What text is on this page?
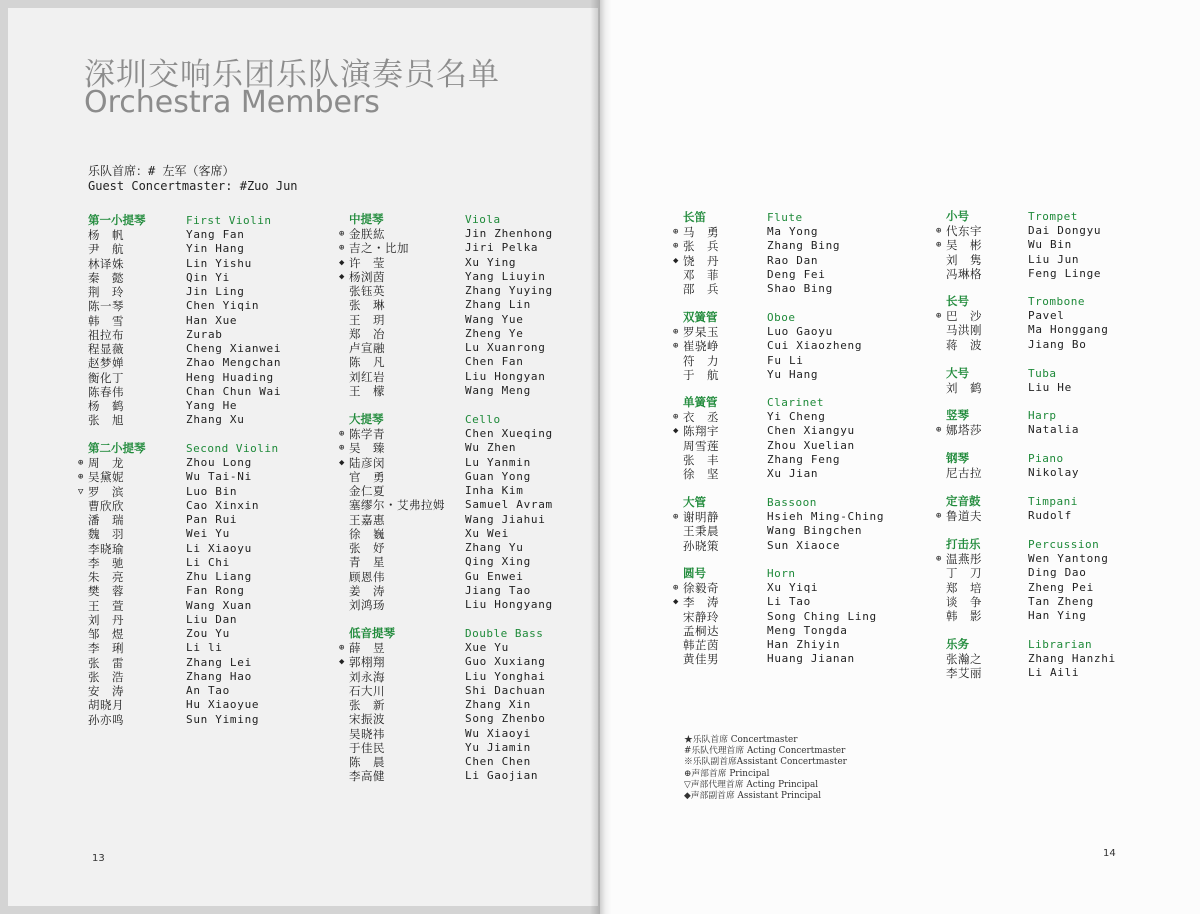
深圳交响乐团乐队演奏员名单
Orchestra Members
乐队首席：# 左军（客席）
Guest Concertmaster: #Zuo Jun
第一小提琴	First Violin
杨　帆	Yang Fan
尹　航	Yin Hang
林译姝	Lin Yishu
秦　懿	Qin Yi
荆　玲	Jin Ling
陈一琴	Chen Yiqin
韩　雪	Han Xue
祖拉布	Zurab
程显薇	Cheng Xianwei
赵梦婵	Zhao Mengchan
衡化丁	Heng Huading
陈春伟	Chan Chun Wai
杨　鹤	Yang He
张　旭	Zhang Xu
第二小提琴	Second Violin
⊕ 周　龙	Zhou Long
⊕ 吴黛妮	Wu Tai-Ni
▽ 罗　滨	Luo Bin
曹欣欣	Cao Xinxin
潘　瑞	Pan Rui
魏　羽	Wei Yu
李晓瑜	Li Xiaoyu
李　驰	Li Chi
朱　亮	Zhu Liang
樊　蓉	Fan Rong
王　萱	Wang Xuan
刘　丹	Liu Dan
邹　煜	Zou Yu
李　琍	Li li
张　雷	Zhang Lei
张　浩	Zhang Hao
安　涛	An Tao
胡晓月	Hu Xiaoyue
孙亦鸣	Sun Yiming
中提琴	Viola
⊕ 金朕紘	Jin Zhenhong
⊕ 吉之・比加	Jiri Pelka
◆ 许　莹	Xu Ying
◆ 杨浏茵	Yang Liuyin
张钰英	Zhang Yuying
张　琳	Zhang Lin
王　玥	Wang Yue
郑　冶	Zheng Ye
卢宣融	Lu Xuanrong
陈　凡	Chen Fan
刘红岩	Liu Hongyan
王　檬	Wang Meng
大提琴	Cello
⊕ 陈学青	Chen Xueqing
⊕ 吴　臻	Wu Zhen
◆ 陆彦闵	Lu Yanmin
官　勇	Guan Yong
金仁夏	Inha Kim
塞缪尔・艾弗拉姆 Samuel Avram
王嘉惠	Wang Jiahui
徐　巍	Xu Wei
张　妤	Zhang Yu
青　星	Qing Xing
顾恩伟	Gu Enwei
姜　涛	Jiang Tao
刘鸿玚	Liu Hongyang
低音提琴	Double Bass
⊕ 薛　昱	Xue Yu
◆ 郭栩翔	Guo Xuxiang
刘永海	Liu Yonghai
石大川	Shi Dachuan
张　新	Zhang Xin
宋振波	Song Zhenbo
吴晓祎	Wu Xiaoyi
于佳民	Yu Jiamin
陈　晨	Chen Chen
李高健	Li Gaojian
长笛	Flute
⊕ 马　勇	Ma Yong
⊕ 张　兵	Zhang Bing
◆ 饶　丹	Rao Dan
邓　菲	Deng Fei
邵　兵	Shao Bing
双簧管	Oboe
⊕ 罗杲玉	Luo Gaoyu
⊕ 崔骁峥	Cui Xiaozheng
符　力	Fu Li
于　航	Yu Hang
单簧管	Clarinet
⊕ 衣　丞	Yi Cheng
◆ 陈翔宇	Chen Xiangyu
周雪莲	Zhou Xuelian
张　丰	Zhang Feng
徐　坚	Xu Jian
大管	Bassoon
⊕ 谢明静	Hsieh Ming-Ching
王秉晨	Wang Bingchen
孙晓策	Sun Xiaoce
圆号	Horn
⊕ 徐毅奇	Xu Yiqi
◆ 李　涛	Li Tao
宋静玲	Song Ching Ling
孟桐达	Meng Tongda
韩芷茵	Han Zhiyin
黄佳男	Huang Jianan
小号	Trompet
⊕ 代东宇	Dai Dongyu
⊕ 吴　彬	Wu Bin
刘　隽	Liu Jun
冯琳格	Feng Linge
长号	Trombone
⊕ 巴　沙	Pavel
马洪刚	Ma Honggang
蒋　波	Jiang Bo
大号	Tuba
刘　鹤	Liu He
竖琴	Harp
⊕ 娜塔莎	Natalia
钢琴	Piano
尼古拉	Nikolay
定音鼓	Timpani
⊕ 鲁道夫	Rudolf
打击乐	Percussion
⊕ 温燕彤	Wen Yantong
丁　刀	Ding Dao
郑　培	Zheng Pei
谈　争	Tan Zheng
韩　影	Han Ying
乐务	Librarian
张瀚之	Zhang Hanzhi
李艾丽	Li Aili
★乐队首席 Concertmaster
#乐队代理首席 Acting Concertmaster
※乐队副首席Assistant Concertmaster
⊕声部首席 Principal
▽声部代理首席 Acting Principal
◆声部副首席 Assistant Principal
13	14
